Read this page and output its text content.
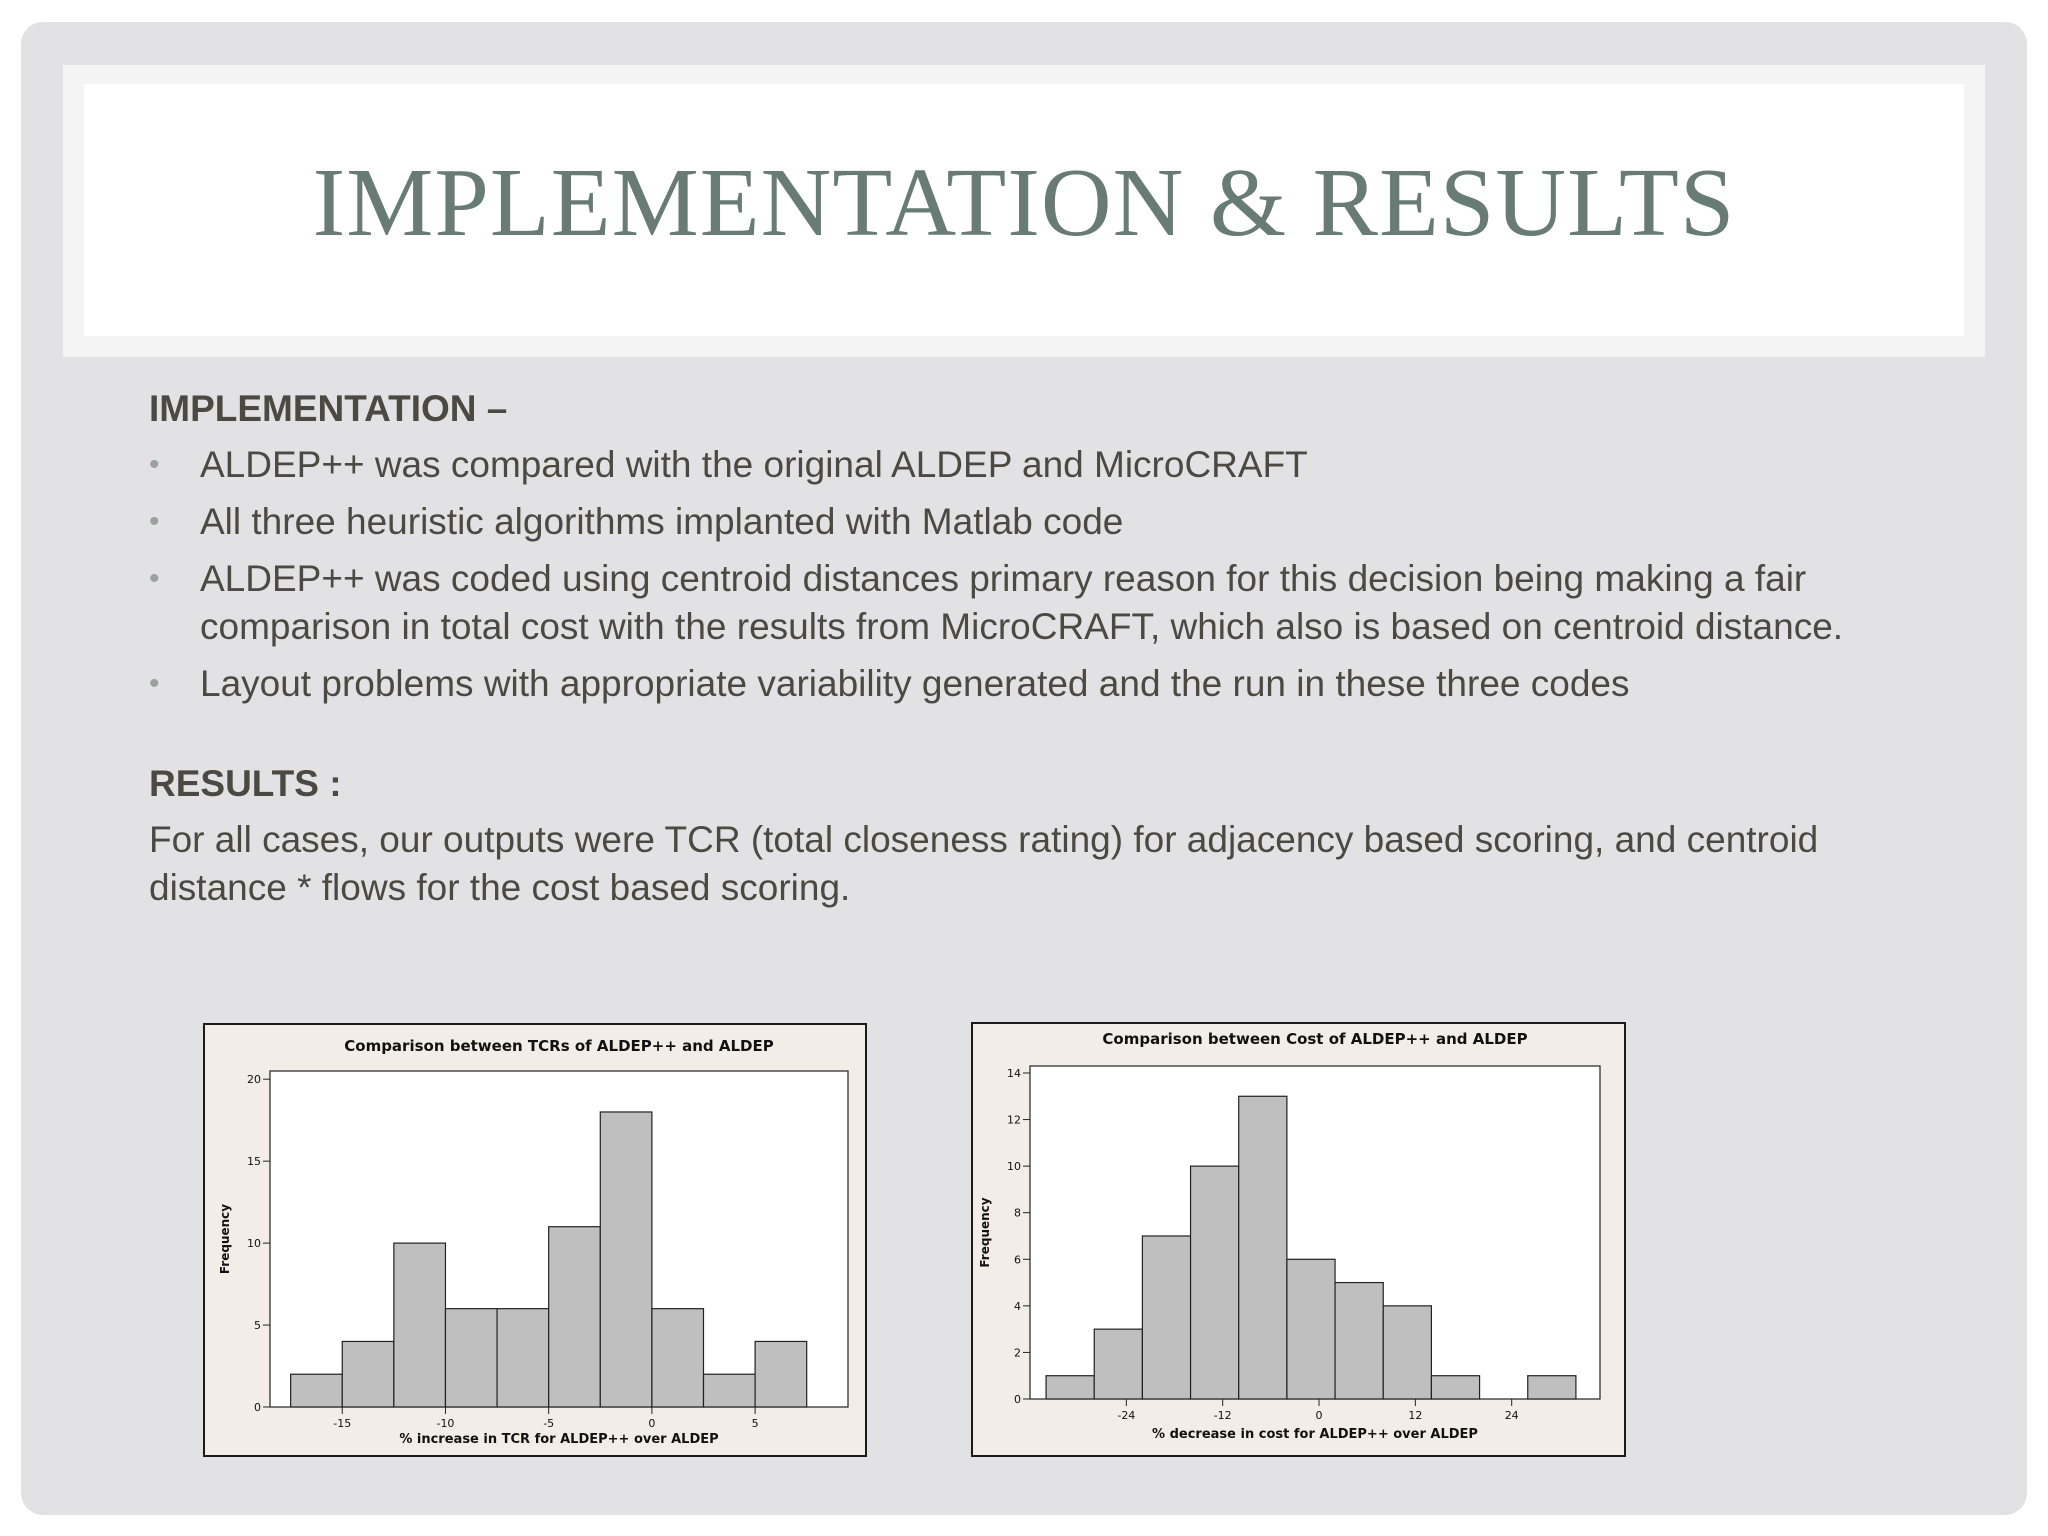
IMPLEMENTATION & RESULTS

IMPLEMENTATION –

• ALDEP++ was compared with the original ALDEP and MicroCRAFT
• All three heuristic algorithms implanted with Matlab code
• ALDEP++ was coded using centroid distances primary reason for this decision being making a fair comparison in total cost with the results from MicroCRAFT, which also is based on centroid distance.
• Layout problems with appropriate variability generated and the run in these three codes

RESULTS :

For all cases, our outputs were TCR (total closeness rating) for adjacency based scoring, and centroid distance * flows for the cost based scoring.

0
5
10
15
20
-15	-10	-5	0	5
Comparison between TCRs of ALDEP++ and ALDEP
% increase in TCR for ALDEP++ over ALDEP
Frequency
0
2
4
6
8
10
12
14
-24	-12	0	12	24
Comparison between Cost of ALDEP++ and ALDEP
% decrease in cost for ALDEP++ over ALDEP
Frequency
